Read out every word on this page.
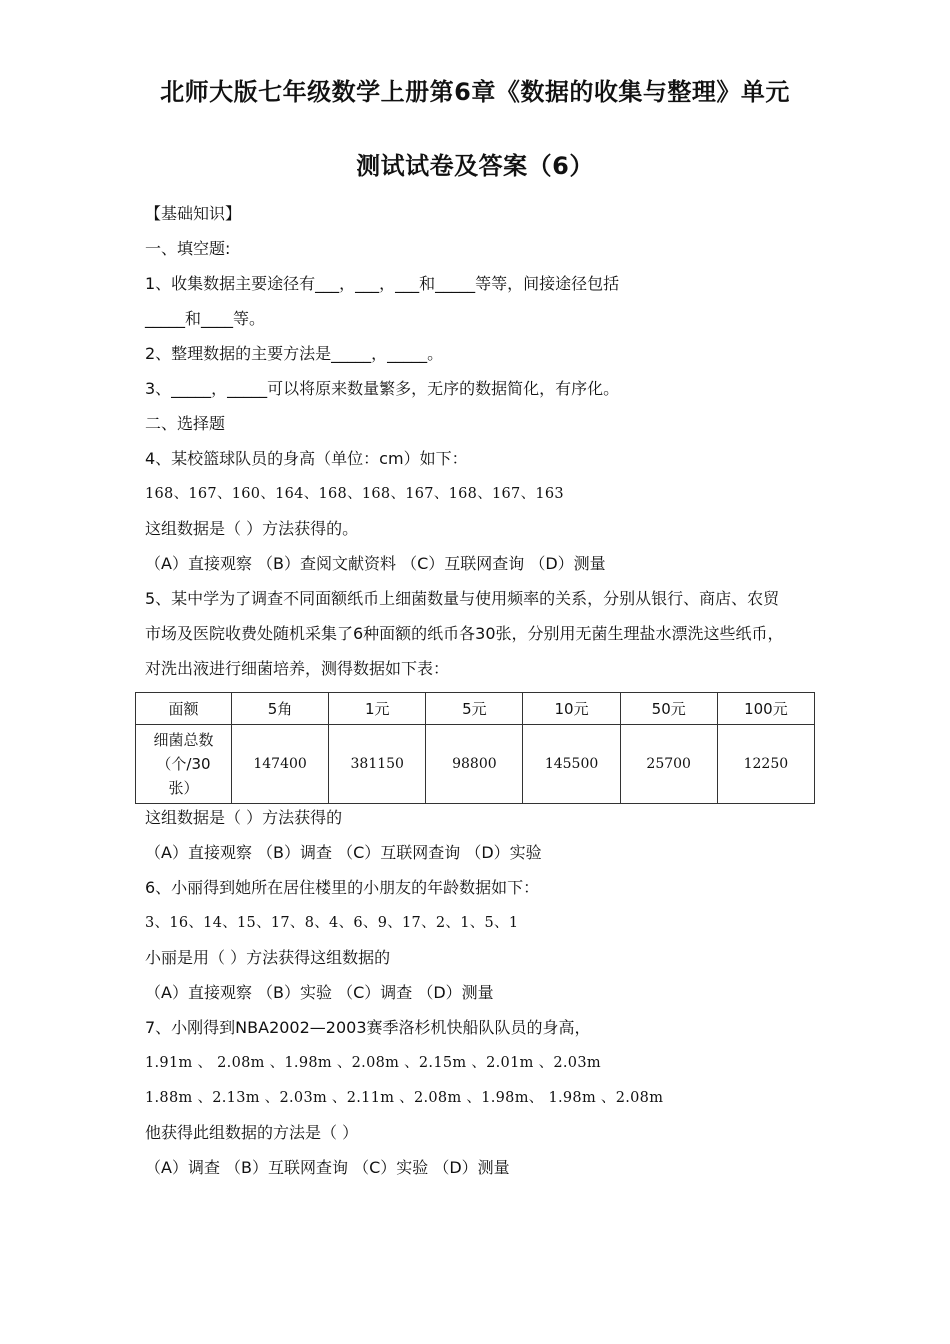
北师大版七年级数学上册第6章《数据的收集与整理》单元
测试试卷及答案（6）
【基础知识】
一、填空题:
1、收集数据主要途径有___，___，___和_____等等，间接途径包括
_____和____等。
2、整理数据的主要方法是_____，_____。
3、_____，_____可以将原来数量繁多，无序的数据简化，有序化。
二、选择题
4、某校篮球队员的身高（单位：cm）如下：
168、167、160、164、168、168、167、168、167、163
这组数据是（ ）方法获得的。
（A）直接观察 （B）查阅文献资料 （C）互联网查询 （D）测量
5、某中学为了调查不同面额纸币上细菌数量与使用频率的关系，分别从银行、商店、农贸
市场及医院收费处随机采集了6种面额的纸币各30张，分别用无菌生理盐水漂洗这些纸币，
对洗出液进行细菌培养，测得数据如下表：
面额	5角	1元	5元	10元	50元	100元

细菌总数
（个/30
张）	147400	381150	98800	145500	25700	12250
这组数据是（ ）方法获得的
（A）直接观察 （B）调查 （C）互联网查询 （D）实验
6、小丽得到她所在居住楼里的小朋友的年龄数据如下：
3、16、14、15、17、8、4、6、9、17、2、1、5、1
小丽是用（ ）方法获得这组数据的
（A）直接观察 （B）实验 （C）调查 （D）测量
7、小刚得到NBA2002—2003赛季洛杉机快船队队员的身高，
1.91m 、 2.08m 、1.98m 、2.08m 、2.15m 、2.01m 、2.03m
1.88m 、2.13m 、2.03m 、2.11m 、2.08m 、1.98m、 1.98m 、2.08m
他获得此组数据的方法是（ ）
（A）调查 （B）互联网查询 （C）实验 （D）测量
